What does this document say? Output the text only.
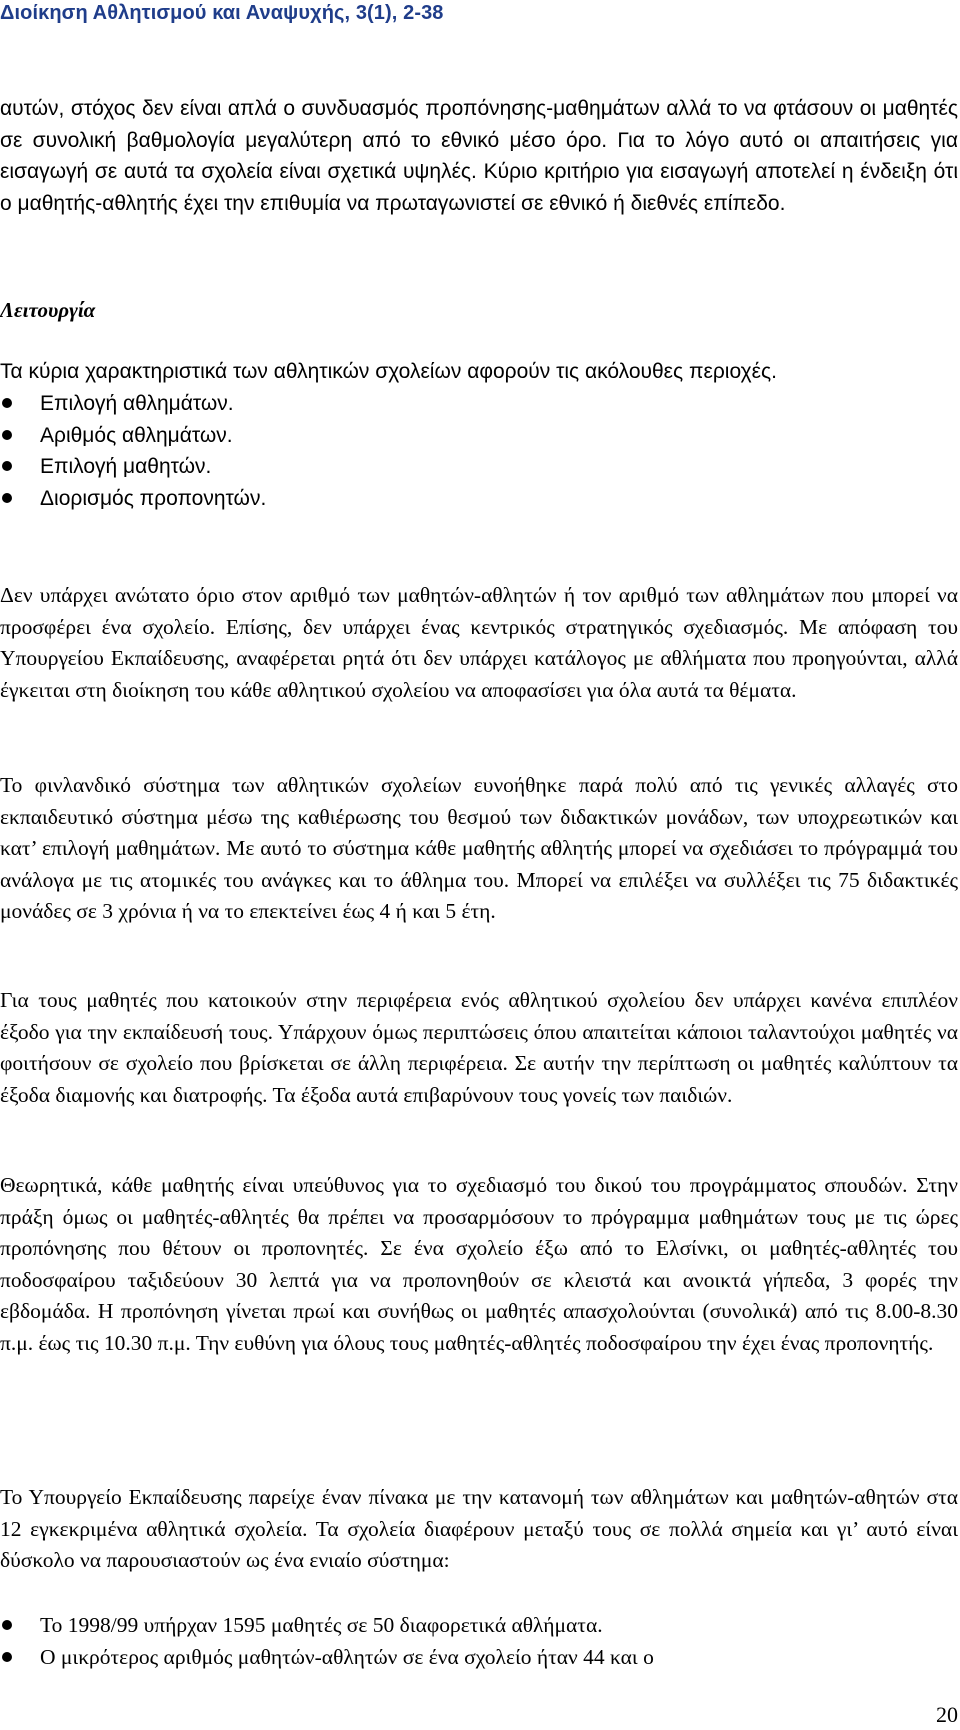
Διοίκηση Αθλητισμού και Αναψυχής, 3(1), 2-38

αυτών, στόχος δεν είναι απλά ο συνδυασμός προπόνησης-μαθημάτων αλλά το να φτάσουν οι μαθητές σε συνολική βαθμολογία μεγαλύτερη από το εθνικό μέσο όρο. Για το λόγο αυτό οι απαιτήσεις για εισαγωγή σε αυτά τα σχολεία είναι σχετικά υψηλές. Κύριο κριτήριο για εισαγωγή αποτελεί η ένδειξη ότι ο μαθητής-αθλητής έχει την επιθυμία να πρωταγωνιστεί σε εθνικό ή διεθνές επίπεδο.

Λειτουργία

Τα κύρια χαρακτηριστικά των αθλητικών σχολείων αφορούν τις ακόλουθες περιοχές.

Επιλογή αθλημάτων.
Αριθμός αθλημάτων.
Επιλογή μαθητών.
Διορισμός προπονητών.

Δεν υπάρχει ανώτατο όριο στον αριθμό των μαθητών-αθλητών ή τον αριθμό των αθλημάτων που μπορεί να προσφέρει ένα σχολείο. Επίσης, δεν υπάρχει ένας κεντρικός στρατηγικός σχεδιασμός. Με απόφαση του Υπουργείου Εκπαίδευσης, αναφέρεται ρητά ότι δεν υπάρχει κατάλογος με αθλήματα που προηγούνται, αλλά έγκειται στη διοίκηση του κάθε αθλητικού σχολείου να αποφασίσει για όλα αυτά τα θέματα.

Το φινλανδικό σύστημα των αθλητικών σχολείων ευνοήθηκε παρά πολύ από τις γενικές αλλαγές στο εκπαιδευτικό σύστημα μέσω της καθιέρωσης του θεσμού των διδακτικών μονάδων, των υποχρεωτικών και κατ’ επιλογή μαθημάτων. Με αυτό το σύστημα κάθε μαθητής αθλητής μπορεί να σχεδιάσει το πρόγραμμά του ανάλογα με τις ατομικές του ανάγκες και το άθλημα του. Μπορεί να επιλέξει να συλλέξει τις 75 διδακτικές μονάδες σε 3 χρόνια ή να το επεκτείνει έως 4 ή και 5 έτη.

Για τους μαθητές που κατοικούν στην περιφέρεια ενός αθλητικού σχολείου δεν υπάρχει κανένα επιπλέον έξοδο για την εκπαίδευσή τους. Υπάρχουν όμως περιπτώσεις όπου απαιτείται κάποιοι ταλαντούχοι μαθητές να φοιτήσουν σε σχολείο που βρίσκεται σε άλλη περιφέρεια. Σε αυτήν την περίπτωση οι μαθητές καλύπτουν τα έξοδα διαμονής και διατροφής. Τα έξοδα αυτά επιβαρύνουν τους γονείς των παιδιών.

Θεωρητικά, κάθε μαθητής είναι υπεύθυνος για το σχεδιασμό του δικού του προγράμματος σπουδών. Στην πράξη όμως οι μαθητές-αθλητές θα πρέπει να προσαρμόσουν το πρόγραμμα μαθημάτων τους με τις ώρες προπόνησης που θέτουν οι προπονητές. Σε ένα σχολείο έξω από το Ελσίνκι, οι μαθητές-αθλητές του ποδοσφαίρου ταξιδεύουν 30 λεπτά για να προπονηθούν σε κλειστά και ανοικτά γήπεδα, 3 φορές την εβδομάδα. Η προπόνηση γίνεται πρωί και συνήθως οι μαθητές απασχολούνται (συνολικά) από τις 8.00-8.30 π.μ. έως τις 10.30 π.μ. Την ευθύνη για όλους τους μαθητές-αθλητές ποδοσφαίρου την έχει ένας προπονητής.

Το Υπουργείο Εκπαίδευσης παρείχε έναν πίνακα με την κατανομή των αθλημάτων και μαθητών-αθητών στα 12 εγκεκριμένα αθλητικά σχολεία. Τα σχολεία διαφέρουν μεταξύ τους σε πολλά σημεία και γι’ αυτό είναι δύσκολο να παρουσιαστούν ως ένα ενιαίο σύστημα:

Το 1998/99 υπήρχαν 1595 μαθητές σε 50 διαφορετικά αθλήματα.
Ο μικρότερος αριθμός μαθητών-αθλητών σε ένα σχολείο ήταν 44 και ο
20
